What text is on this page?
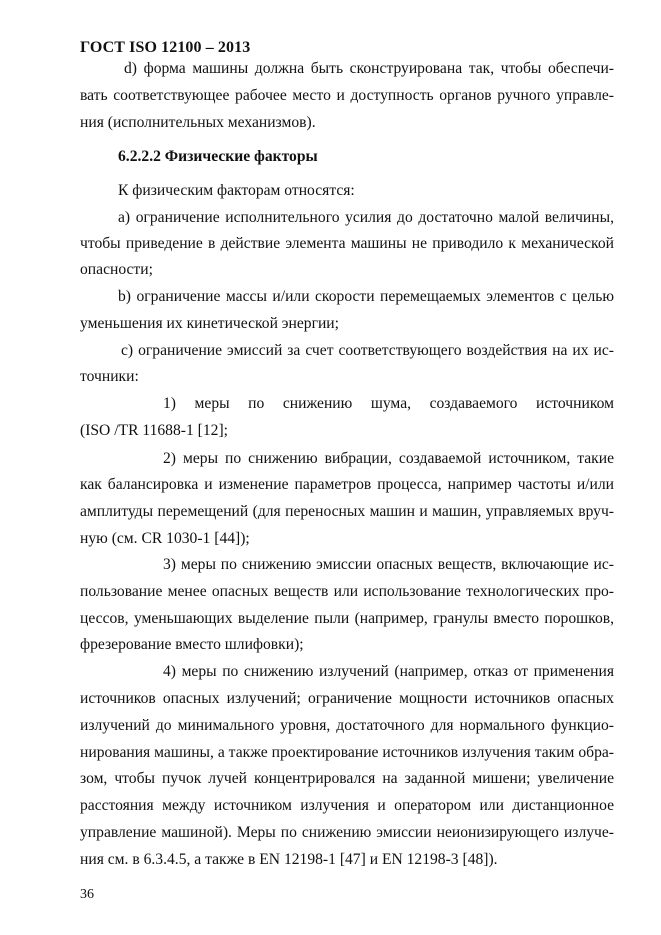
ГОСТ ISO 12100 – 2013
d) форма машины должна быть сконструирована так, чтобы обеспечи-
вать соответствующее рабочее место и доступность органов ручного управле-
ния (исполнительных механизмов).
6.2.2.2 Физические факторы
К физическим факторам относятся:
а) ограничение исполнительного усилия до достаточно малой величины,
чтобы приведение в действие элемента машины не приводило к механической
опасности;
b) ограничение массы и/или скорости перемещаемых элементов с целью
уменьшения их кинетической энергии;
с) ограничение эмиссий за счет соответствующего воздействия на их ис-
точники:
1) меры по снижению шума, создаваемого источником
(ISO /TR 11688-1 [12];
2) меры по снижению вибрации, создаваемой источником, такие
как балансировка и изменение параметров процесса, например частоты и/или
амплитуды перемещений (для переносных машин и машин, управляемых вруч-
ную (см. CR 1030-1 [44]);
3) меры по снижению эмиссии опасных веществ, включающие ис-
пользование менее опасных веществ или использование технологических про-
цессов, уменьшающих выделение пыли (например, гранулы вместо порошков,
фрезерование вместо шлифовки);
4) меры по снижению излучений (например, отказ от применения
источников опасных излучений; ограничение мощности источников опасных
излучений до минимального уровня, достаточного для нормального функцио-
нирования машины, а также проектирование источников излучения таким обра-
зом, чтобы пучок лучей концентрировался на заданной мишени; увеличение
расстояния между источником излучения и оператором или дистанционное
управление машиной). Меры по снижению эмиссии неионизирующего излуче-
ния см. в 6.3.4.5, а также в EN 12198-1 [47] и EN 12198-3 [48]).
36
